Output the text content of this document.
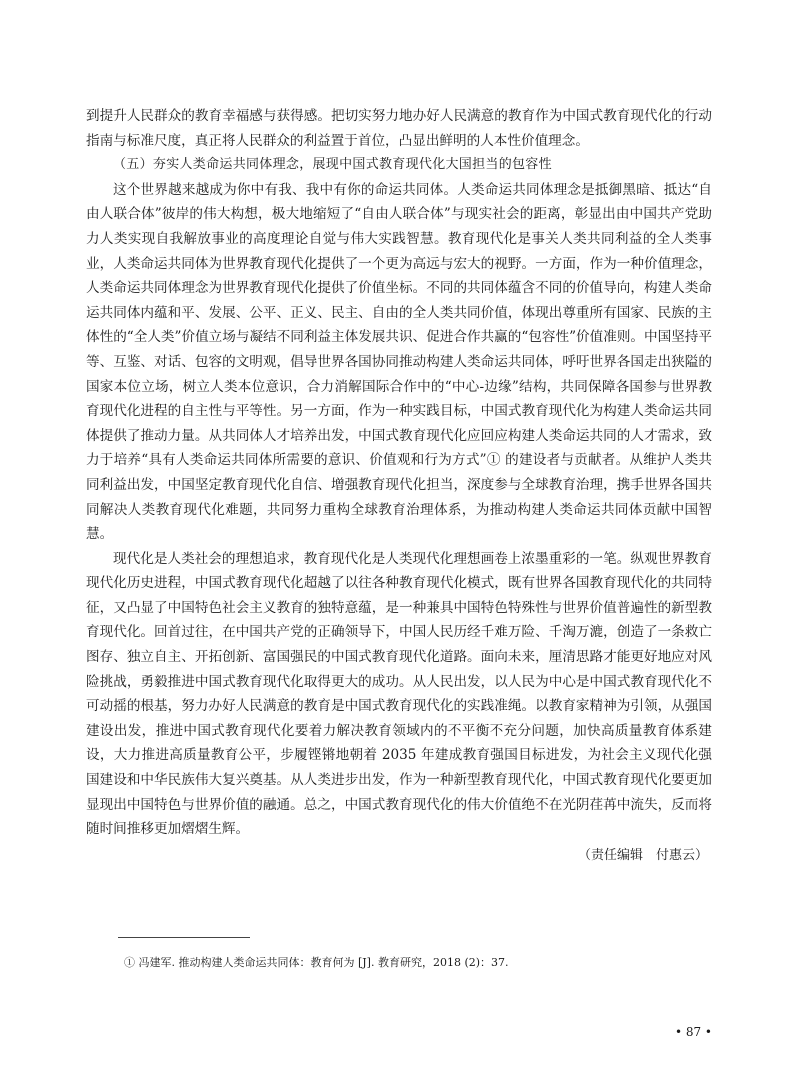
到提升人民群众的教育幸福感与获得感。把切实努力地办好人民满意的教育作为中国式教育现代化的行动指南与标准尺度，真正将人民群众的利益置于首位，凸显出鲜明的人本性价值理念。

（五）夯实人类命运共同体理念，展现中国式教育现代化大国担当的包容性

这个世界越来越成为你中有我、我中有你的命运共同体。人类命运共同体理念是抵御黑暗、抵达“自由人联合体”彼岸的伟大构想，极大地缩短了“自由人联合体”与现实社会的距离，彰显出由中国共产党助力人类实现自我解放事业的高度理论自觉与伟大实践智慧。教育现代化是事关人类共同利益的全人类事业，人类命运共同体为世界教育现代化提供了一个更为高远与宏大的视野。一方面，作为一种价值理念，人类命运共同体理念为世界教育现代化提供了价值坐标。不同的共同体蕴含不同的价值导向，构建人类命运共同体内蕴和平、发展、公平、正义、民主、自由的全人类共同价值，体现出尊重所有国家、民族的主体性的“全人类”价值立场与凝结不同利益主体发展共识、促进合作共赢的“包容性”价值准则。中国坚持平等、互鉴、对话、包容的文明观，倡导世界各国协同推动构建人类命运共同体，呼吁世界各国走出狭隘的国家本位立场，树立人类本位意识，合力消解国际合作中的“中心-边缘”结构，共同保障各国参与世界教育现代化进程的自主性与平等性。另一方面，作为一种实践目标，中国式教育现代化为构建人类命运共同体提供了推动力量。从共同体人才培养出发，中国式教育现代化应回应构建人类命运共同的人才需求，致力于培养“具有人类命运共同体所需要的意识、价值观和行为方式”① 的建设者与贡献者。从维护人类共同利益出发，中国坚定教育现代化自信、增强教育现代化担当，深度参与全球教育治理，携手世界各国共同解决人类教育现代化难题，共同努力重构全球教育治理体系，为推动构建人类命运共同体贡献中国智慧。

现代化是人类社会的理想追求，教育现代化是人类现代化理想画卷上浓墨重彩的一笔。纵观世界教育现代化历史进程，中国式教育现代化超越了以往各种教育现代化模式，既有世界各国教育现代化的共同特征，又凸显了中国特色社会主义教育的独特意蕴，是一种兼具中国特色特殊性与世界价值普遍性的新型教育现代化。回首过往，在中国共产党的正确领导下，中国人民历经千难万险、千淘万漉，创造了一条救亡图存、独立自主、开拓创新、富国强民的中国式教育现代化道路。面向未来，厘清思路才能更好地应对风险挑战，勇毅推进中国式教育现代化取得更大的成功。从人民出发，以人民为中心是中国式教育现代化不可动摇的根基，努力办好人民满意的教育是中国式教育现代化的实践准绳。以教育家精神为引领，从强国建设出发，推进中国式教育现代化要着力解决教育领域内的不平衡不充分问题，加快高质量教育体系建设，大力推进高质量教育公平，步履铿锵地朝着 2035 年建成教育强国目标进发，为社会主义现代化强国建设和中华民族伟大复兴奠基。从人类进步出发，作为一种新型教育现代化，中国式教育现代化要更加显现出中国特色与世界价值的融通。总之，中国式教育现代化的伟大价值绝不在光阴荏苒中流失，反而将随时间推移更加熠熠生辉。

（责任编辑　付惠云）

① 冯建军. 推动构建人类命运共同体：教育何为 [J]. 教育研究，2018 (2)：37.
• 87 •
